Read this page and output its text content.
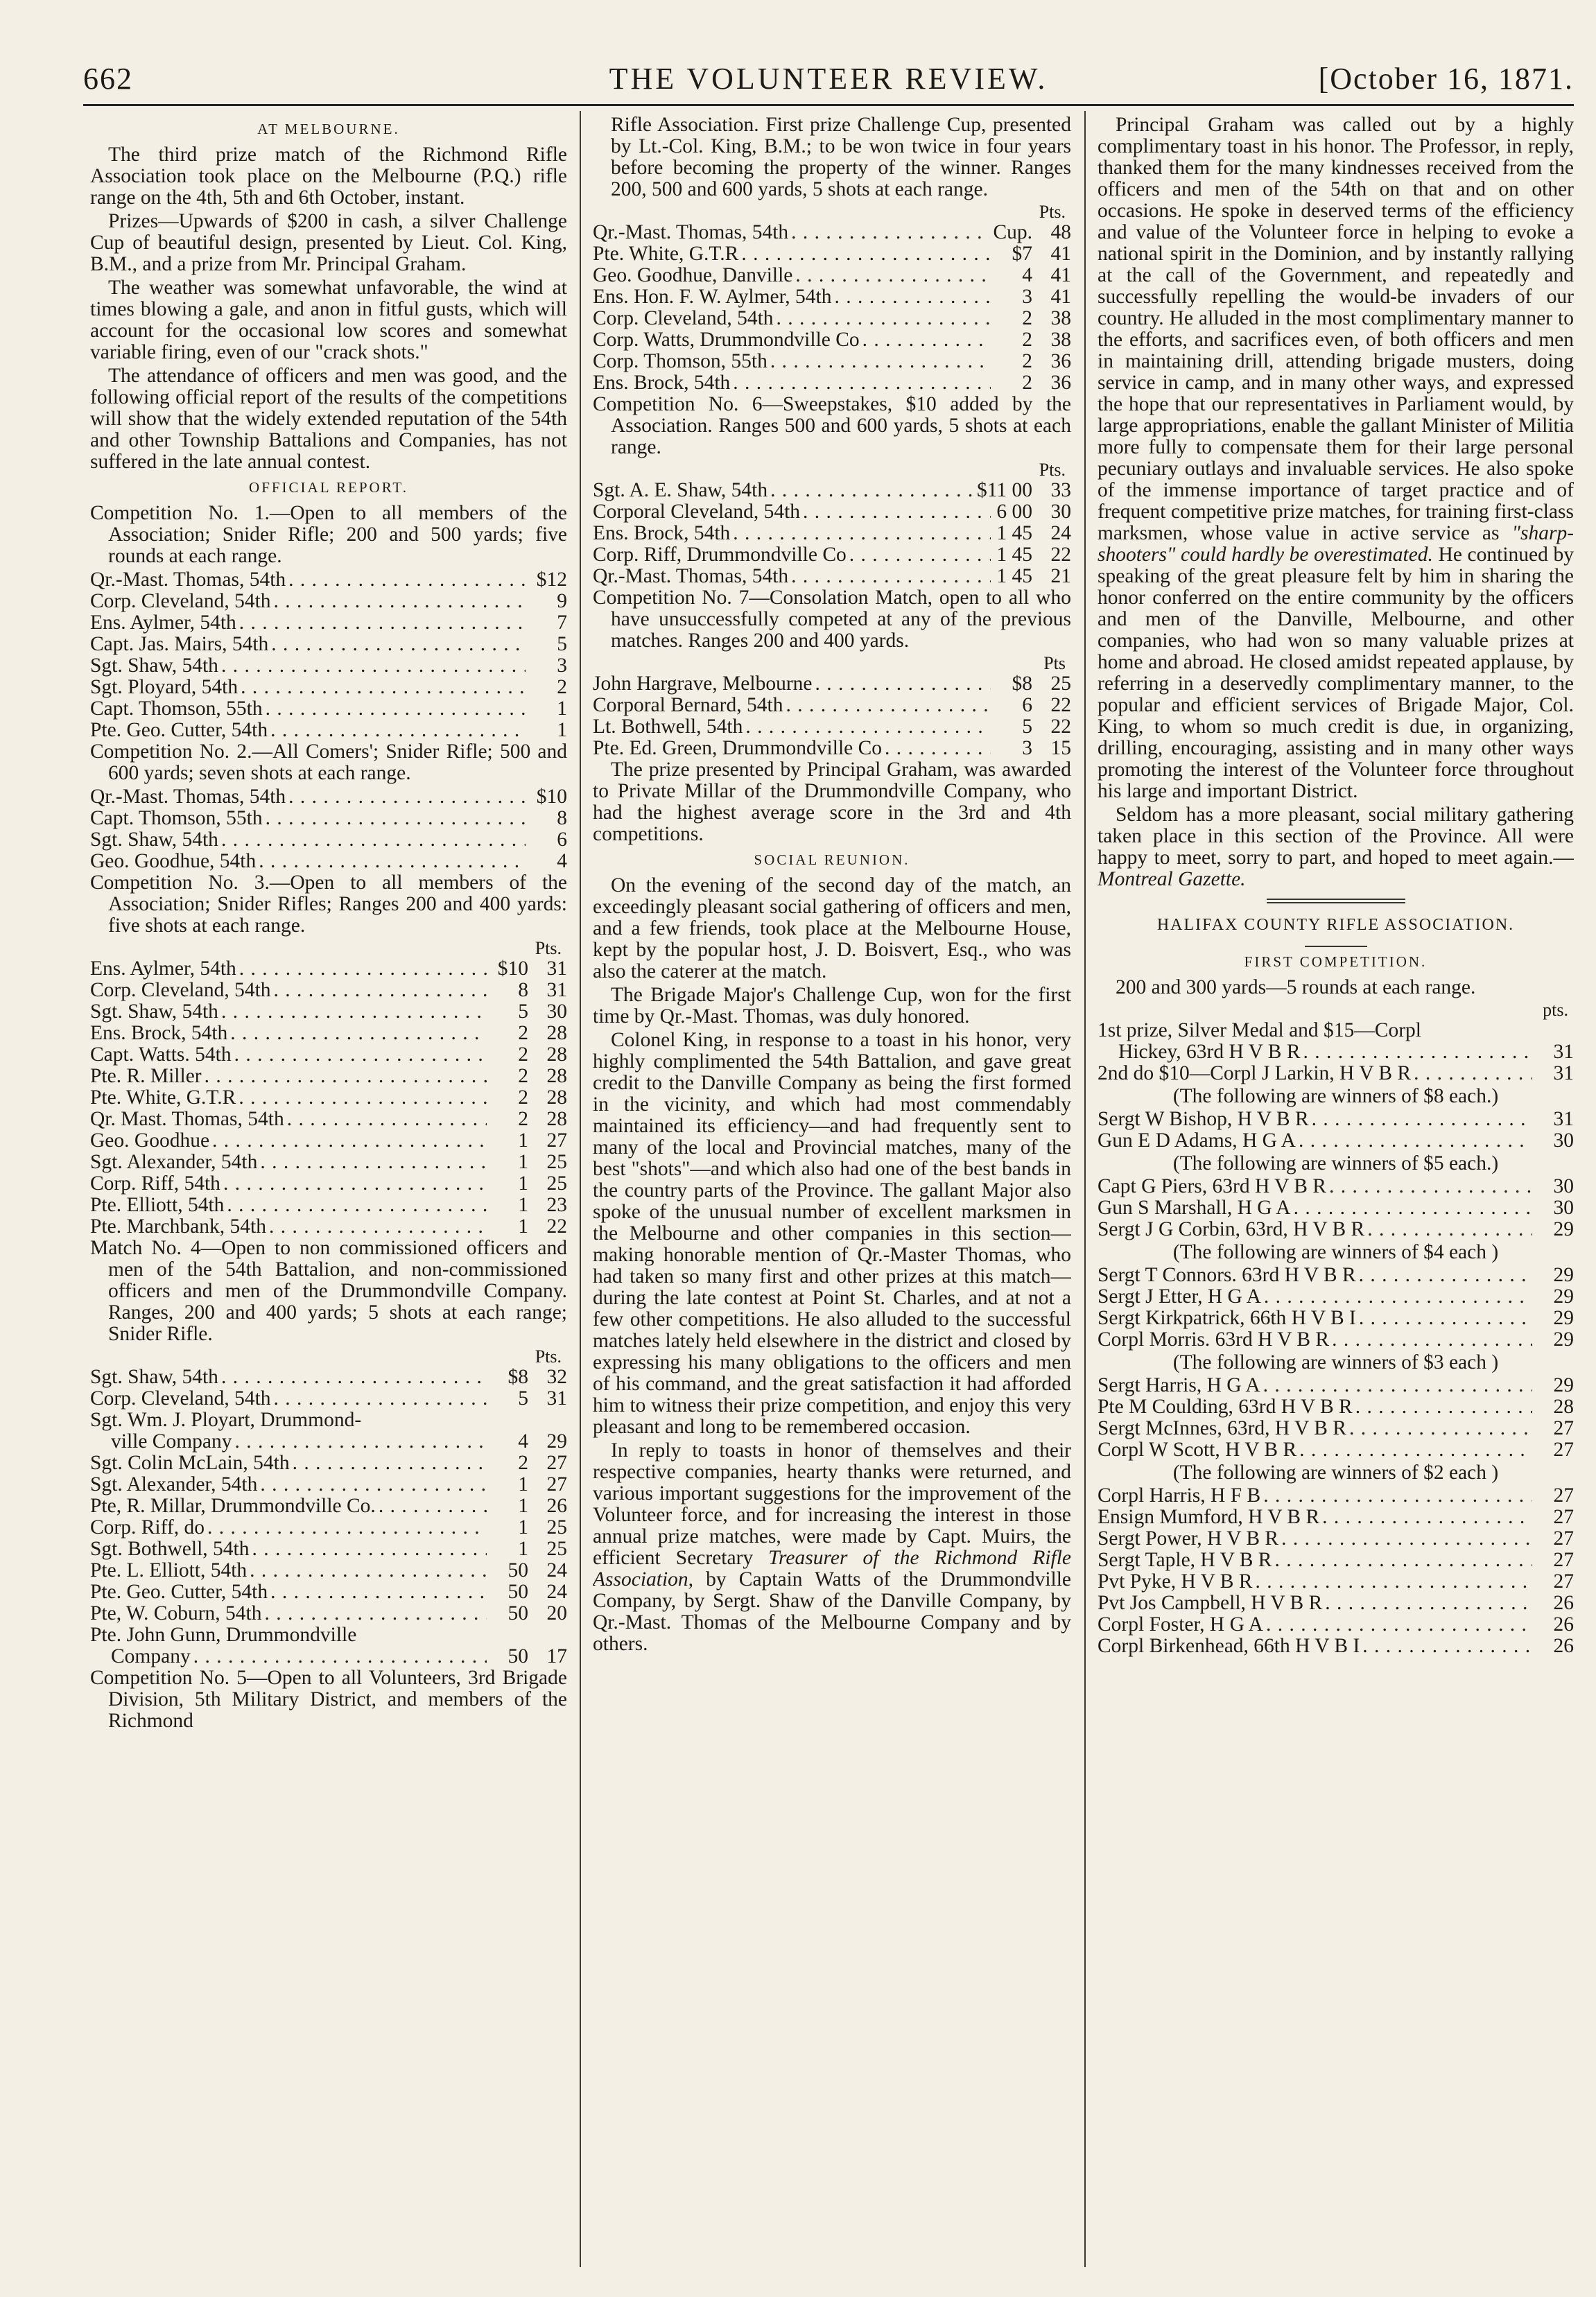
662	THE VOLUNTEER REVIEW.	[October 16, 1871.
AT MELBOURNE.

The third prize match of the Richmond Rifle Association took place on the Melbourne (P.Q.) rifle range on the 4th, 5th and 6th October, instant.

Prizes—Upwards of $200 in cash, a silver Challenge Cup of beautiful design, presented by Lieut. Col. King, B.M., and a prize from Mr. Principal Graham.

The weather was somewhat unfavorable, the wind at times blowing a gale, and anon in fitful gusts, which will account for the occasional low scores and somewhat variable firing, even of our "crack shots."

The attendance of officers and men was good, and the following official report of the results of the competitions will show that the widely extended reputation of the 54th and other Township Battalions and Companies, has not suffered in the late annual contest.

OFFICIAL REPORT.

Competition No. 1.—Open to all members of the Association; Snider Rifle; 200 and 500 yards; five rounds at each range.

Qr.-Mast. Thomas, 54th . . .	$12
Corp. Cleveland, 54th . . .	9
Ens. Aylmer, 54th . . .	7
Capt. Jas. Mairs, 54th . . .	5
Sgt. Shaw, 54th . . .	3
Sgt. Ployard, 54th . . .	2
Capt. Thomson, 55th . . .	1
Pte. Geo. Cutter, 54th . . .	1

Competition No. 2.—All Comers'; Snider Rifle; 500 and 600 yards; seven shots at each range.

Qr.-Mast. Thomas, 54th . . .	$10
Capt. Thomson, 55th . . .	8
Sgt. Shaw, 54th . . .	6
Geo. Goodhue, 54th . . .	4

Competition No. 3.—Open to all members of the Association; Snider Rifles; Ranges 200 and 400 yards: five shots at each range.

Pts.
Ens. Aylmer, 54th . . .	$10 31
Corp. Cleveland, 54th . . .	8 31
Sgt. Shaw, 54th . . .	5 30
Ens. Brock, 54th . . .	2 28
Capt. Watts. 54th . . .	2 28
Pte. R. Miller . . .	2 28
Pte. White, G.T.R . . .	2 28
Qr. Mast. Thomas, 54th . . .	2 28
Geo. Goodhue . . .	1 27
Sgt. Alexander, 54th . . .	1 25
Corp. Riff, 54th . . .	1 25
Pte. Elliott, 54th . . .	1 23
Pte. Marchbank, 54th . . .	1 22

Match No. 4—Open to non commissioned officers and men of the 54th Battalion, and non-commissioned officers and men of the Drummondville Company. Ranges, 200 and 400 yards; 5 shots at each range; Snider Rifle.

Pts.
Sgt. Shaw, 54th . . .	$8 32
Corp. Cleveland, 54th . . .	5 31
Sgt. Wm. J. Ployart, Drummond-
ville Company . . .	4 29
Sgt. Colin McLain, 54th . . .	2 27
Sgt. Alexander, 54th . . .	1 27
Pte, R. Millar, Drummondville Co. . . .	1 26
Corp. Riff, do . . .	1 25
Sgt. Bothwell, 54th . . .	1 25
Pte. L. Elliott, 54th . . .	50 24
Pte. Geo. Cutter, 54th . . .	50 24
Pte, W. Coburn, 54th . . .	50 20
Pte. John Gunn, Drummondville
Company . . .	50 17

Competition No. 5—Open to all Volunteers, 3rd Brigade Division, 5th Military District, and members of the Richmond

Rifle Association. First prize Challenge Cup, presented by Lt.-Col. King, B.M.; to be won twice in four years before becoming the property of the winner. Ranges 200, 500 and 600 yards, 5 shots at each range.

Pts.
Qr.-Mast. Thomas, 54th . . .	Cup. 48
Pte. White, G.T.R . . .	$7 41
Geo. Goodhue, Danville . . .	4 41
Ens. Hon. F. W. Aylmer, 54th . . .	3 41
Corp. Cleveland, 54th . . .	2 38
Corp. Watts, Drummondville Co . . .	2 38
Corp. Thomson, 55th . . .	2 36
Ens. Brock, 54th . . .	2 36

Competition No. 6—Sweepstakes, $10 added by the Association. Ranges 500 and 600 yards, 5 shots at each range.

Pts.
Sgt. A. E. Shaw, 54th . . .	$11 00 33
Corporal Cleveland, 54th . . .	6 00 30
Ens. Brock, 54th . . .	1 45 24
Corp. Riff, Drummondville Co . . .	1 45 22
Qr.-Mast. Thomas, 54th . . .	1 45 21

Competition No. 7—Consolation Match, open to all who have unsuccessfully competed at any of the previous matches. Ranges 200 and 400 yards.

Pts
John Hargrave, Melbourne . . .	$8 25
Corporal Bernard, 54th . . .	6 22
Lt. Bothwell, 54th . . .	5 22
Pte. Ed. Green, Drummondville Co . . .	3 15

The prize presented by Principal Graham, was awarded to Private Millar of the Drummondville Company, who had the highest average score in the 3rd and 4th competitions.

SOCIAL REUNION.

On the evening of the second day of the match, an exceedingly pleasant social gathering of officers and men, and a few friends, took place at the Melbourne House, kept by the popular host, J. D. Boisvert, Esq., who was also the caterer at the match.

The Brigade Major's Challenge Cup, won for the first time by Qr.-Mast. Thomas, was duly honored.

Colonel King, in response to a toast in his honor, very highly complimented the 54th Battalion, and gave great credit to the Danville Company as being the first formed in the vicinity, and which had most commendably maintained its efficiency—and had frequently sent to many of the local and Provincial matches, many of the best "shots"—and which also had one of the best bands in the country parts of the Province. The gallant Major also spoke of the unusual number of excellent marksmen in the Melbourne and other companies in this section—making honorable mention of Qr.-Master Thomas, who had taken so many first and other prizes at this match—during the late contest at Point St. Charles, and at not a few other competitions. He also alluded to the successful matches lately held elsewhere in the district and closed by expressing his many obligations to the officers and men of his command, and the great satisfaction it had afforded him to witness their prize competition, and enjoy this very pleasant and long to be remembered occasion.

In reply to toasts in honor of themselves and their respective companies, hearty thanks were returned, and various important suggestions for the improvement of the Volunteer force, and for increasing the interest in those annual prize matches, were made by Capt. Muirs, the efficient Secretary Treasurer of the Richmond Rifle Association, by Captain Watts of the Drummondville Company, by Sergt. Shaw of the Danville Company, by Qr.-Mast. Thomas of the Melbourne Company and by others.

Principal Graham was called out by a highly complimentary toast in his honor. The Professor, in reply, thanked them for the many kindnesses received from the officers and men of the 54th on that and on other occasions. He spoke in deserved terms of the efficiency and value of the Volunteer force in helping to evoke a national spirit in the Dominion, and by instantly rallying at the call of the Government, and repeatedly and successfully repelling the would-be invaders of our country. He alluded in the most complimentary manner to the efforts, and sacrifices even, of both officers and men in maintaining drill, attending brigade musters, doing service in camp, and in many other ways, and expressed the hope that our representatives in Parliament would, by large appropriations, enable the gallant Minister of Militia more fully to compensate them for their large personal pecuniary outlays and invaluable services. He also spoke of the immense importance of target practice and of frequent competitive prize matches, for training first-class marksmen, whose value in active service as "sharp-shooters" could hardly be overestimated. He continued by speaking of the great pleasure felt by him in sharing the honor conferred on the entire community by the officers and men of the Danville, Melbourne, and other companies, who had won so many valuable prizes at home and abroad. He closed amidst repeated applause, by referring in a deservedly complimentary manner, to the popular and efficient services of Brigade Major, Col. King, to whom so much credit is due, in organizing, drilling, encouraging, assisting and in many other ways promoting the interest of the Volunteer force throughout his large and important District.

Seldom has a more pleasant, social military gathering taken place in this section of the Province. All were happy to meet, sorry to part, and hoped to meet again.—Montreal Gazette.

HALIFAX COUNTY RIFLE ASSOCIATION.
FIRST COMPETITION.

200 and 300 yards—5 rounds at each range.

pts.
1st prize, Silver Medal and $15—Corpl
Hickey, 63rd H V B R . . .	31
2nd do $10—Corpl J Larkin, H V B R . . .	31
(The following are winners of $8 each.)
Sergt W Bishop, H V B R . . .	31
Gun E D Adams, H G A . . .	30
(The following are winners of $5 each.)
Capt G Piers, 63rd H V B R . . .	30
Gun S Marshall, H G A . . .	30
Sergt J G Corbin, 63rd, H V B R . . .	29
(The following are winners of $4 each )
Sergt T Connors. 63rd H V B R . . .	29
Sergt J Etter, H G A . . .	29
Sergt Kirkpatrick, 66th H V B I . . .	29
Corpl Morris. 63rd H V B R . . .	29
(The following are winners of $3 each )
Sergt Harris, H G A . . .	29
Pte M Coulding, 63rd H V B R . . .	28
Sergt McInnes, 63rd, H V B R . . .	27
Corpl W Scott, H V B R . . .	27
(The following are winners of $2 each )
Corpl Harris, H F B . . .	27
Ensign Mumford, H V B R . . .	27
Sergt Power, H V B R . . .	27
Sergt Taple, H V B R . . .	27
Pvt Pyke, H V B R . . .	27
Pvt Jos Campbell, H V B R . . .	26
Corpl Foster, H G A . . .	26
Corpl Birkenhead, 66th H V B I . . .	26
